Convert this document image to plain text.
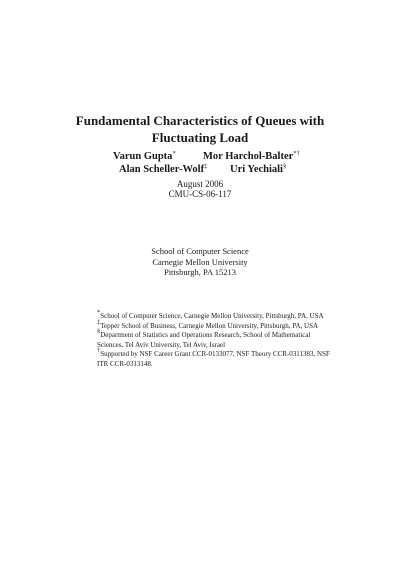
Fundamental Characteristics of Queues with
Fluctuating Load
Varun Gupta*	Mor Harchol-Balter*†
Alan Scheller-Wolf‡ Uri Yechiali§
August 2006
CMU-CS-06-117
School of Computer Science
Carnegie Mellon University
Pittsburgh, PA 15213

*School of Computer Science, Carnegie Mellon University, Pittsburgh, PA, USA

‡Tepper School of Business, Carnegie Mellon University, Pittsburgh, PA, USA

§Department of Statistics and Operations Research, School of Mathematical Sciences, Tel Aviv University, Tel Aviv, Israel

†Supported by NSF Career Grant CCR-0133077, NSF Theory CCR-0311383, NSF ITR CCR-0313148.
